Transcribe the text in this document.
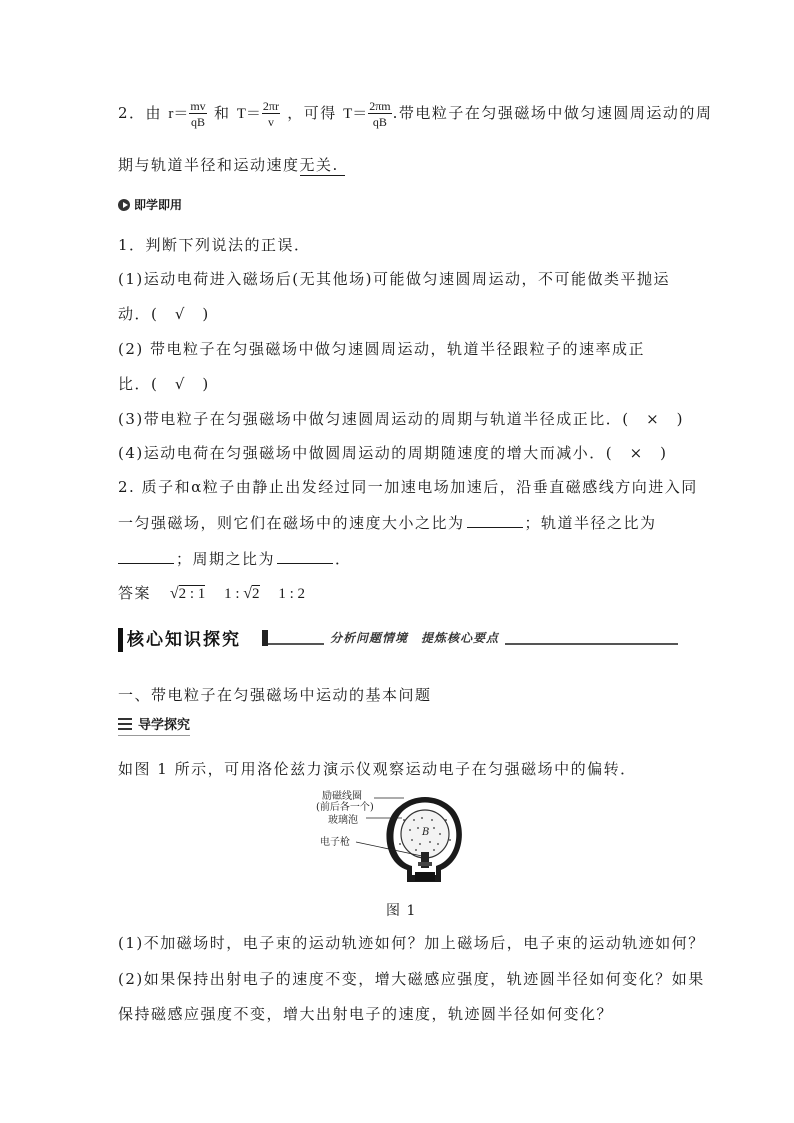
2．由 $r= \frac{mv}{qB}$ 和 $T= \frac{2\pi r}{v}$ ，可得 $T= \frac{2\pi m}{qB}$ .带电粒子在匀强磁场中做匀速圆周运动的周
期与轨道半径和运动速度无关.
即学即用
1．判断下列说法的正误．
(1)运动电荷进入磁场后(无其他场)可能做匀速圆周运动，不可能做类平抛运
动．(　√　)
(2) 带电粒子在匀强磁场中做匀速圆周运动，轨道半径跟粒子的速率成正
比．(　√　)
(3)带电粒子在匀强磁场中做匀速圆周运动的周期与轨道半径成正比．(　×　)
(4)运动电荷在匀强磁场中做圆周运动的周期随速度的增大而减小．(　×　)
2. 质子和α粒子由静止出发经过同一加速电场加速后，沿垂直磁感线方向进入同
一匀强磁场，则它们在磁场中的速度大小之比为	；轨道半径之比为
；周期之比为	．
答案 √2 : 1 1 : √2 1 : 2
核心知识探究	分析问题情境　提炼核心要点
一、带电粒子在匀强磁场中运动的基本问题
导学探究
如图 1 所示，可用洛伦兹力演示仪观察运动电子在匀强磁场中的偏转．
励磁线圈
(前后各一个)
玻璃泡
电子枪
B
图 1
(1)不加磁场时，电子束的运动轨迹如何？加上磁场后，电子束的运动轨迹如何？
(2)如果保持出射电子的速度不变，增大磁感应强度，轨迹圆半径如何变化？如果
保持磁感应强度不变，增大出射电子的速度，轨迹圆半径如何变化？
